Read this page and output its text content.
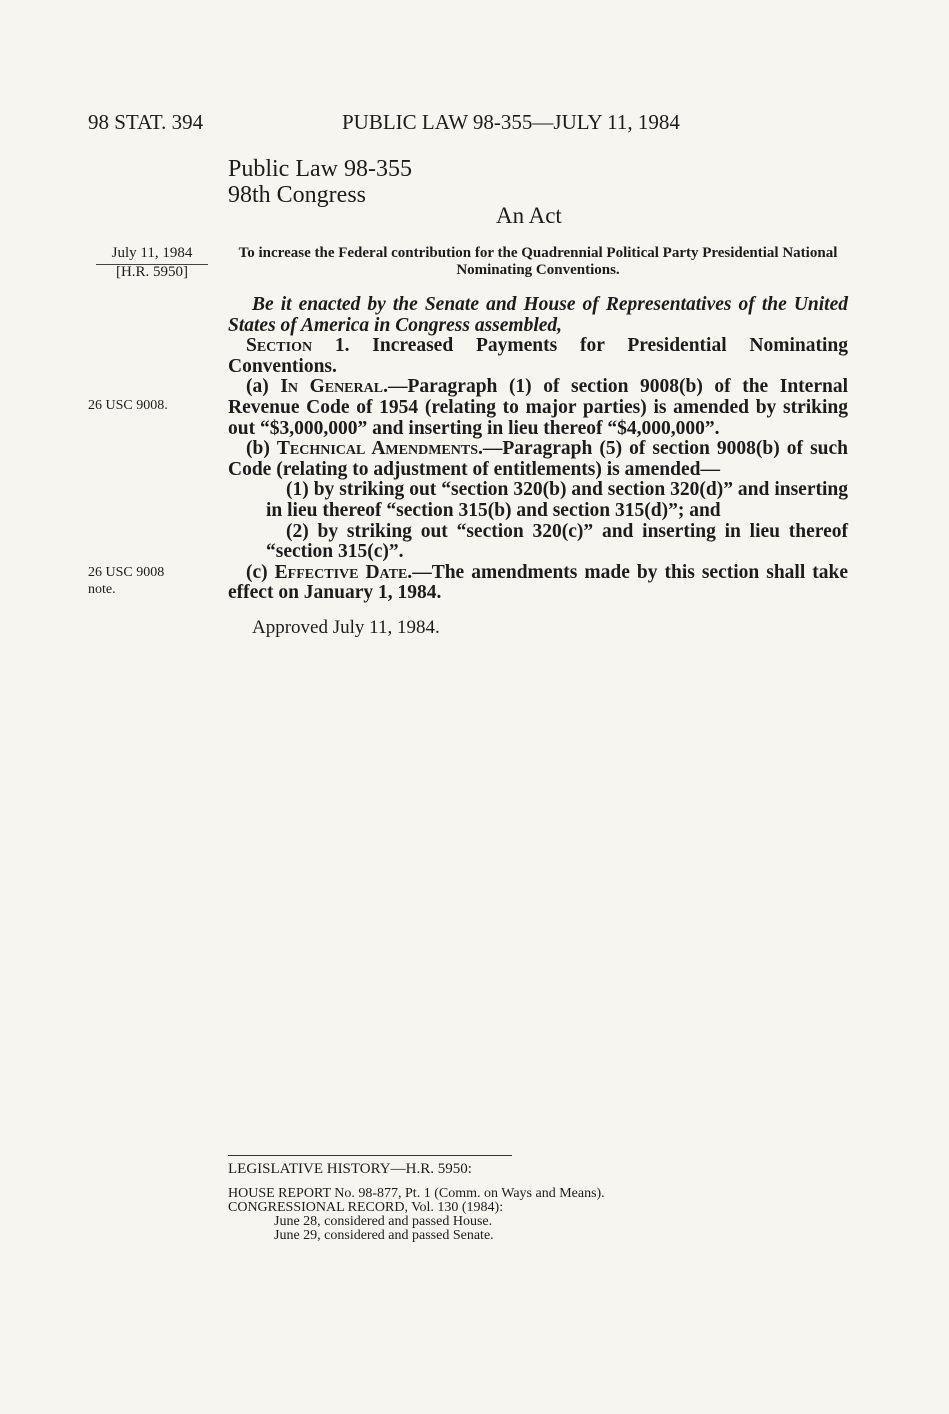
98 STAT. 394	PUBLIC LAW 98-355—JULY 11, 1984
Public Law 98-355
98th Congress
An Act
July 11, 1984
[H.R. 5950]
To increase the Federal contribution for the Quadrennial Political Party Presidential National Nominating Conventions.

Be it enacted by the Senate and House of Representatives of the United States of America in Congress assembled,

Section 1. Increased Payments for Presidential Nominating Conventions.

(a) In General.—Paragraph (1) of section 9008(b) of the Internal Revenue Code of 1954 (relating to major parties) is amended by striking out “$3,000,000” and inserting in lieu thereof “$4,000,000”.

(b) Technical Amendments.—Paragraph (5) of section 9008(b) of such Code (relating to adjustment of entitlements) is amended—

(1) by striking out “section 320(b) and section 320(d)” and inserting in lieu thereof “section 315(b) and section 315(d)”; and

(2) by striking out “section 320(c)” and inserting in lieu thereof “section 315(c)”.

(c) Effective Date.—The amendments made by this section shall take effect on January 1, 1984.

26 USC 9008.
26 USC 9008
note.
Approved July 11, 1984.
LEGISLATIVE HISTORY—H.R. 5950:
HOUSE REPORT No. 98-877, Pt. 1 (Comm. on Ways and Means).
CONGRESSIONAL RECORD, Vol. 130 (1984):
June 28, considered and passed House.
June 29, considered and passed Senate.
